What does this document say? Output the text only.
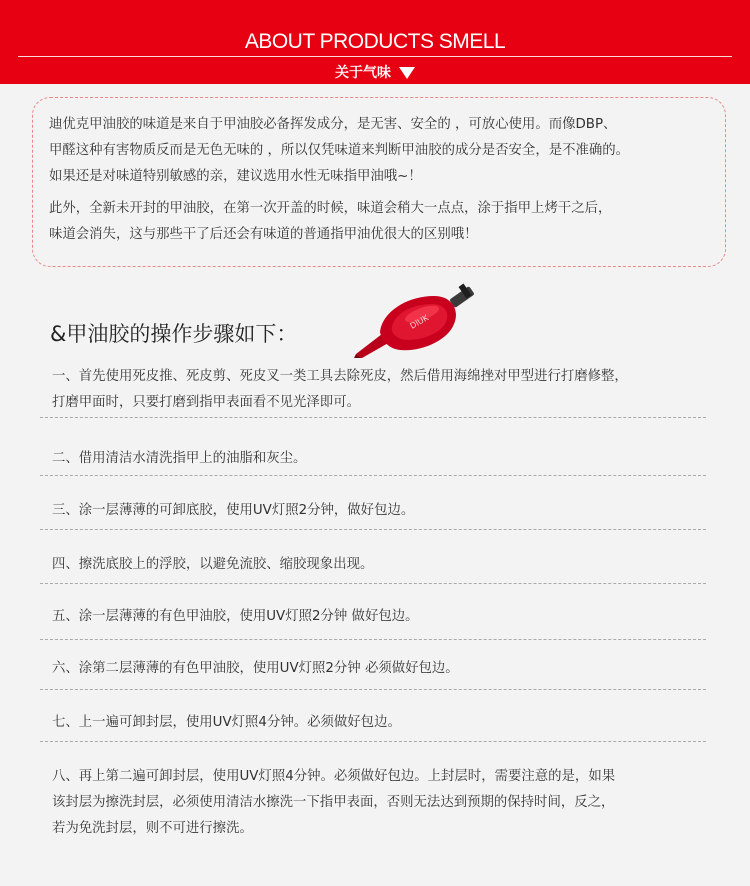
ABOUT PRODUCTS SMELL
关于气味

迪优克甲油胶的味道是来自于甲油胶必备挥发成分，是无害、安全的 ，可放心使用。而像DBP、
甲醛这种有害物质反而是无色无味的 ，所以仅凭味道来判断甲油胶的成分是否安全，是不准确的。
如果还是对味道特别敏感的亲，建议选用水性无味指甲油哦~！

此外，全新未开封的甲油胶，在第一次开盖的时候，味道会稍大一点点，涂于指甲上烤干之后，
味道会消失，这与那些干了后还会有味道的普通指甲油优很大的区别哦！

&甲油胶的操作步骤如下：
DIUK

一、首先使用死皮推、死皮剪、死皮叉一类工具去除死皮，然后借用海绵挫对甲型进行打磨修整，
打磨甲面时，只要打磨到指甲表面看不见光泽即可。

二、借用清洁水清洗指甲上的油脂和灰尘。

三、涂一层薄薄的可卸底胶，使用UV灯照2分钟，做好包边。

四、擦洗底胶上的浮胶，以避免流胶、缩胶现象出现。

五、涂一层薄薄的有色甲油胶，使用UV灯照2分钟 做好包边。

六、涂第二层薄薄的有色甲油胶，使用UV灯照2分钟 必须做好包边。

七、上一遍可卸封层，使用UV灯照4分钟。必须做好包边。

八、再上第二遍可卸封层，使用UV灯照4分钟。必须做好包边。上封层时，需要注意的是，如果
该封层为擦洗封层，必须使用清洁水擦洗一下指甲表面，否则无法达到预期的保持时间，反之，
若为免洗封层，则不可进行擦洗。
